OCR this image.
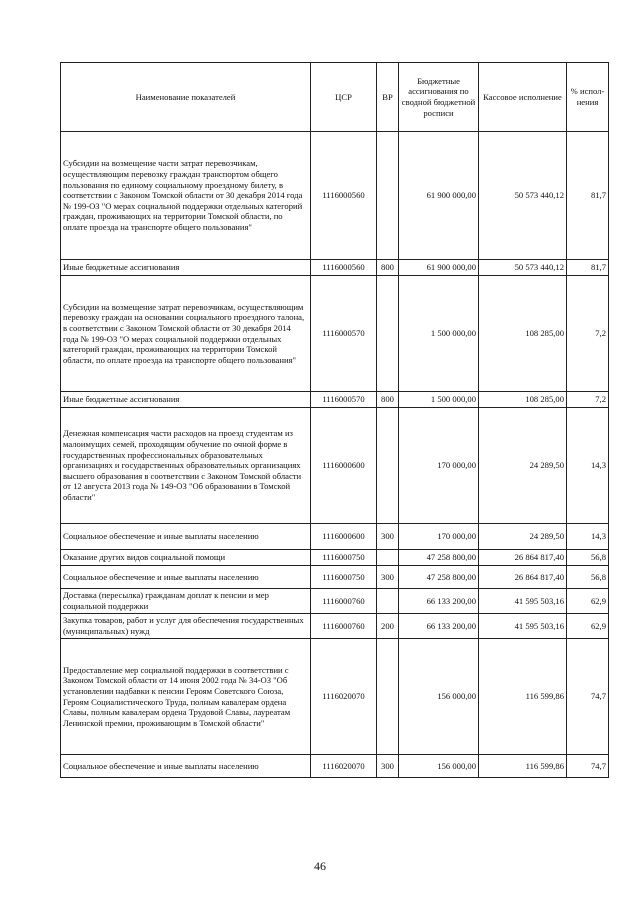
Наименование показателей	ЦСР	ВР	Бюджетные ассигнования по сводной бюджетной росписи	Кассовое исполнение	% испол-нения
Субсидии на возмещение части затрат перевозчикам, осуществляющим перевозку граждан транспортом общего пользования по единому социальному проездному билету, в соответствии с Законом Томской области от 30 декабря 2014 года № 199-ОЗ "О мерах социальной поддержки отдельных категорий граждан, проживающих на территории Томской области, по оплате проезда на транспорте общего пользования"	1116000560		61 900 000,00	50 573 440,12	81,7
Иные бюджетные ассигнования	1116000560	800	61 900 000,00	50 573 440,12	81,7
Субсидии на возмещение затрат перевозчикам, осуществляющим перевозку граждан на основании социального проездного талона, в соответствии с Законом Томской области от 30 декабря 2014 года № 199-ОЗ "О мерах социальной поддержки отдельных категорий граждан, проживающих на территории Томской области, по оплате проезда на транспорте общего пользования"	1116000570		1 500 000,00	108 285,00	7,2
Иные бюджетные ассигнования	1116000570	800	1 500 000,00	108 285,00	7,2
Денежная компенсация части расходов на проезд студентам из малоимущих семей, проходящим обучение по очной форме в государственных профессиональных образовательных организациях и государственных образовательных организациях высшего образования в соответствии с Законом Томской области от 12 августа 2013 года № 149-ОЗ "Об образовании в Томской области"	1116000600		170 000,00	24 289,50	14,3
Социальное обеспечение и иные выплаты населению	1116000600	300	170 000,00	24 289,50	14,3
Оказание других видов социальной помощи	1116000750		47 258 800,00	26 864 817,40	56,8
Социальное обеспечение и иные выплаты населению	1116000750	300	47 258 800,00	26 864 817,40	56,8
Доставка (пересылка) гражданам доплат к пенсии и мер социальной поддержки	1116000760		66 133 200,00	41 595 503,16	62,9
Закупка товаров, работ и услуг для обеспечения государственных (муниципальных) нужд	1116000760	200	66 133 200,00	41 595 503,16	62,9
Предоставление мер социальной поддержки в соответствии с Законом Томской области от 14 июня 2002 года № 34-ОЗ "Об установлении надбавки к пенсии Героям Советского Союза, Героям Социалистического Труда, полным кавалерам ордена Славы, полным кавалерам ордена Трудовой Славы, лауреатам Ленинской премии, проживающим в Томской области"	1116020070		156 000,00	116 599,86	74,7
Социальное обеспечение и иные выплаты населению	1116020070	300	156 000,00	116 599,86	74,7
46
